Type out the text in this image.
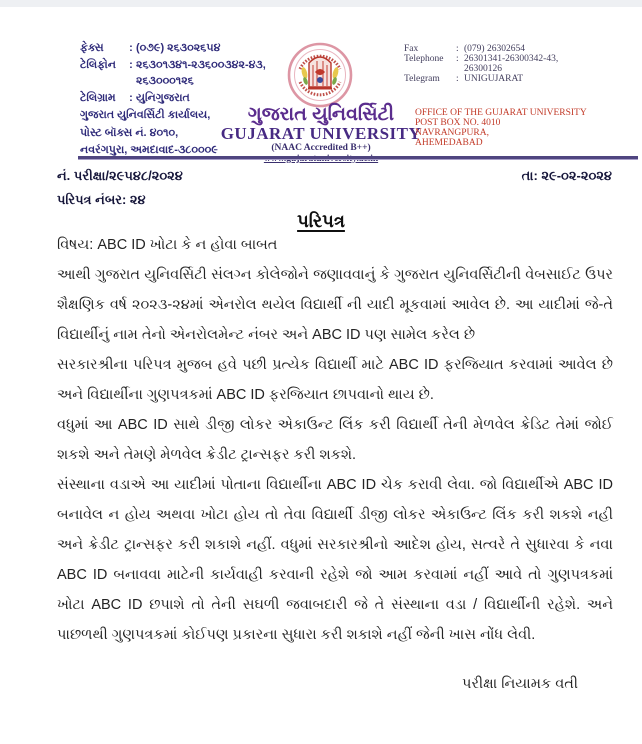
ફેક્સ	: (૦૭૯) ૨૬૩૦૨૬૫૪
ટેલિફોન	: ૨૬૩૦૧૩૪૧-૨૩૬૦૦૩૪૨-૪૩,
૨૬૩૦૦૦૧૨૬
ટેલિગ્રામ	: યુનિગુજરાત
ગુજરાત યુનિવર્સિટી કાર્યાલય,
પોસ્ટ બૉક્સ નં. ૪૦૧૦,
નવરંગપુરા, અમદાવાદ-૩૮૦૦૦૯
ગુજરાત યુનિવર્સિટી
GUJARAT UNIVERSITY
(NAAC Accredited B++)
Fax	: (079) 26302654
Telephone	: 26301341-26300342-43,
26300126
Telegram	: UNIGUJARAT
OFFICE OF THE GUJARAT UNIVERSITY
POST BOX NO. 4010
NAVRANGPURA,
AHEMEDABAD
નં. પરીક્ષા/૨૯૫૪૮/૨૦૨૪	તા: ૨૯-૦૨-૨૦૨૪
પરિપત્ર નંબર: ૨૪
પરિપત્ર

વિષય: ABC ID ખોટા કે ન હોવા બાબત

આથી ગુજરાત યુનિવર્સિટી સંલગ્ન કોલેજોને જણાવવાનું કે ગુજરાત યુનિવર્સિટીની વેબસાઈટ ઉપર શૈક્ષણિક વર્ષ ૨૦૨૩-૨૪માં એનરોલ થયેલ વિદ્યાર્થી ની યાદી મૂકવામાં આવેલ છે. આ યાદીમાં જે-તે વિદ્યાર્થીનું નામ તેનો એનરોલમેન્ટ નંબર અને ABC ID પણ સામેલ કરેલ છે

સરકારશ્રીના પરિપત્ર મુજબ હવે પછી પ્રત્યેક વિદ્યાર્થી માટે ABC ID ફરજિયાત કરવામાં આવેલ છે અને વિદ્યાર્થીના ગુણપત્રકમાં ABC ID ફરજિયાત છાપવાનો થાય છે.

વધુમાં આ ABC ID સાથે ડીજી લોકર એકાઉન્ટ લિંક કરી વિદ્યાર્થી તેની મેળવેલ ક્રેડિટ તેમાં જોઈ શકશે અને તેમણે મેળવેલ ક્રેડીટ ટ્રાન્સફર કરી શકશે.

સંસ્થાના વડાએ આ યાદીમાં પોતાના વિદ્યાર્થીના ABC ID ચેક કરાવી લેવા. જો વિદ્યાર્થીએ ABC ID બનાવેલ ન હોય અથવા ખોટા હોય તો તેવા વિદ્યાર્થી ડીજી લોકર એકાઉન્ટ લિંક કરી શકશે નહી અને ક્રેડીટ ટ્રાન્સફર કરી શકાશે નહીં. વધુમાં સરકારશ્રીનો આદેશ હોય, સત્વરે તે સુધારવા કે નવા ABC ID બનાવવા માટેની કાર્યવાહી કરવાની રહેશે જો આમ કરવામાં નહીં આવે તો ગુણપત્રકમાં ખોટા ABC ID છપાશે તો તેની સઘળી જવાબદારી જે તે સંસ્થાના વડા / વિદ્યાર્થીની રહેશે. અને પાછળથી ગુણપત્રકમાં કોઈપણ પ્રકારના સુધારા કરી શકાશે નહીં જેની ખાસ નોંધ લેવી.

પરીક્ષા નિયામક વતી
